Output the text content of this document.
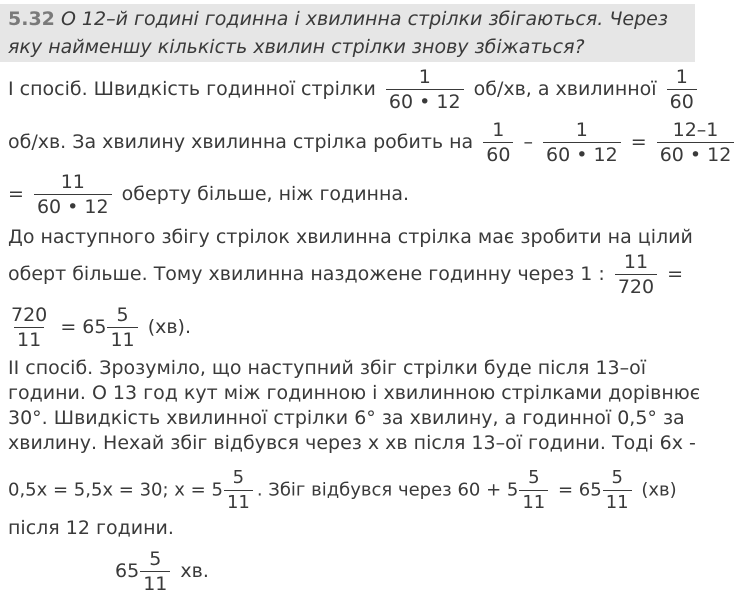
5.32 О 12–й годині годинна і хвилинна стрілки збігаються. Через
яку найменшу кількість хвилин стрілки знову збіжаться?
І спосіб. Швидкість годинної стрілки $\frac{1}{60 • 12} об/хв$, а хвилинної $\frac{1}{60}$
об/хв. За хвилину хвилинна стрілка робить на $\frac{1}{60} - \frac{1}{60 • 12} = \frac{12-1}{60 • 12}$
= $\frac{11}{60 • 12}$ оберту більше, ніж годинна.
До наступного збігу стрілок хвилинна стрілка має зробити на цілий
оберт більше. Тому хвилинна наздожене годинну через 1 : $\frac{11}{720}$ =
$\frac{720}{11} = 65 \frac{5}{11} (хв)$.
ІІ спосіб. Зрозуміло, що наступний збіг стрілки буде після 13–ої
години. О 13 год кут між годинною і хвилинною стрілками дорівнює
30°. Швидкість хвилинної стрілки 6° за хвилину, а годинної 0,5° за
хвилину. Нехай збіг відбувся через x хв після 13–ої години. Тоді 6x -
0,5x = 5,5x = 30; $x = 5 \frac{5}{11}$ . Збіг відбувся через $60 + 5 \frac{5}{11} = 65 \frac{5}{11} (хв)$
після 12 години.
$65 \frac{5}{11}$ хв.
